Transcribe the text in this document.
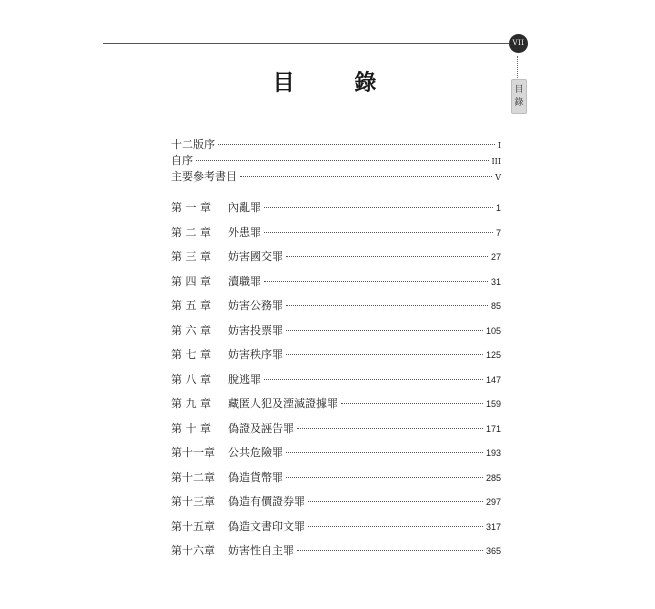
VII
目
錄
目 錄
十二版序	I
自序	III
主要參考書目	V
第 一 章	內亂罪	1
第 二 章	外患罪	7
第 三 章	妨害國交罪	27
第 四 章	瀆職罪	31
第 五 章	妨害公務罪	85
第 六 章	妨害投票罪	105
第 七 章	妨害秩序罪	125
第 八 章	脫逃罪	147
第 九 章	藏匿人犯及湮滅證據罪	159
第 十 章	偽證及誣告罪	171
第十一章	公共危險罪	193
第十二章	偽造貨幣罪	285
第十三章	偽造有價證券罪	297
第十五章	偽造文書印文罪	317
第十六章	妨害性自主罪	365
